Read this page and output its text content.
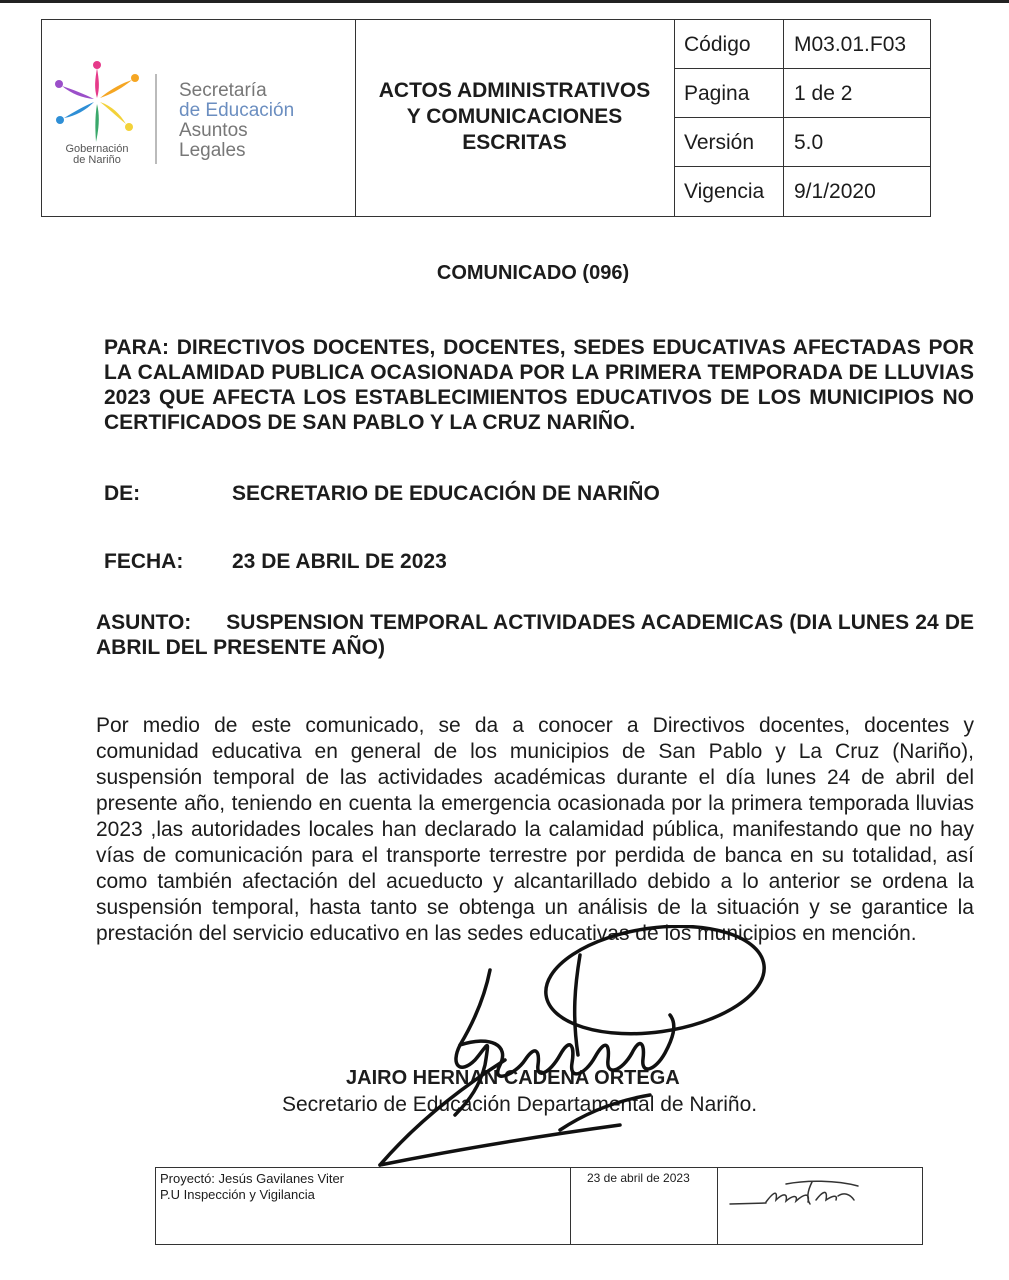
Gobernación
de Nariño
Secretaría
de Educación
Asuntos
Legales
ACTOS ADMINISTRATIVOS
Y COMUNICACIONES
ESCRITAS
Código	M03.01.F03
Pagina	1 de 2
Versión	5.0
Vigencia	9/1/2020
COMUNICADO (096)
PARA: DIRECTIVOS DOCENTES, DOCENTES, SEDES EDUCATIVAS AFECTADAS POR LA CALAMIDAD PUBLICA OCASIONADA POR LA PRIMERA TEMPORADA DE LLUVIAS 2023 QUE AFECTA LOS ESTABLECIMIENTOS EDUCATIVOS DE LOS MUNICIPIOS NO CERTIFICADOS DE SAN PABLO Y LA CRUZ NARIÑO.
DE:	SECRETARIO DE EDUCACIÓN DE NARIÑO
FECHA: 23 DE ABRIL DE 2023
ASUNTO: SUSPENSION TEMPORAL ACTIVIDADES ACADEMICAS (DIA LUNES 24 DE ABRIL DEL PRESENTE AÑO)
Por medio de este comunicado, se da a conocer a Directivos docentes, docentes y comunidad educativa en general de los municipios de San Pablo y La Cruz (Nariño), suspensión temporal de las actividades académicas durante el día lunes 24 de abril del presente año, teniendo en cuenta la emergencia ocasionada por la primera temporada lluvias 2023 ,las autoridades locales han declarado la calamidad pública, manifestando que no hay vías de comunicación para el transporte terrestre por perdida de banca en su totalidad, así como también afectación del acueducto y alcantarillado debido a lo anterior se ordena la suspensión temporal, hasta tanto se obtenga un análisis de la situación y se garantice la prestación del servicio educativo en las sedes educativas de los municipios en mención.
JAIRO HERNAN CADENA ORTEGA
Secretario de Educación Departamental de Nariño.
Proyectó: Jesús Gavilanes Viter
P.U Inspección y Vigilancia
23 de abril de 2023
